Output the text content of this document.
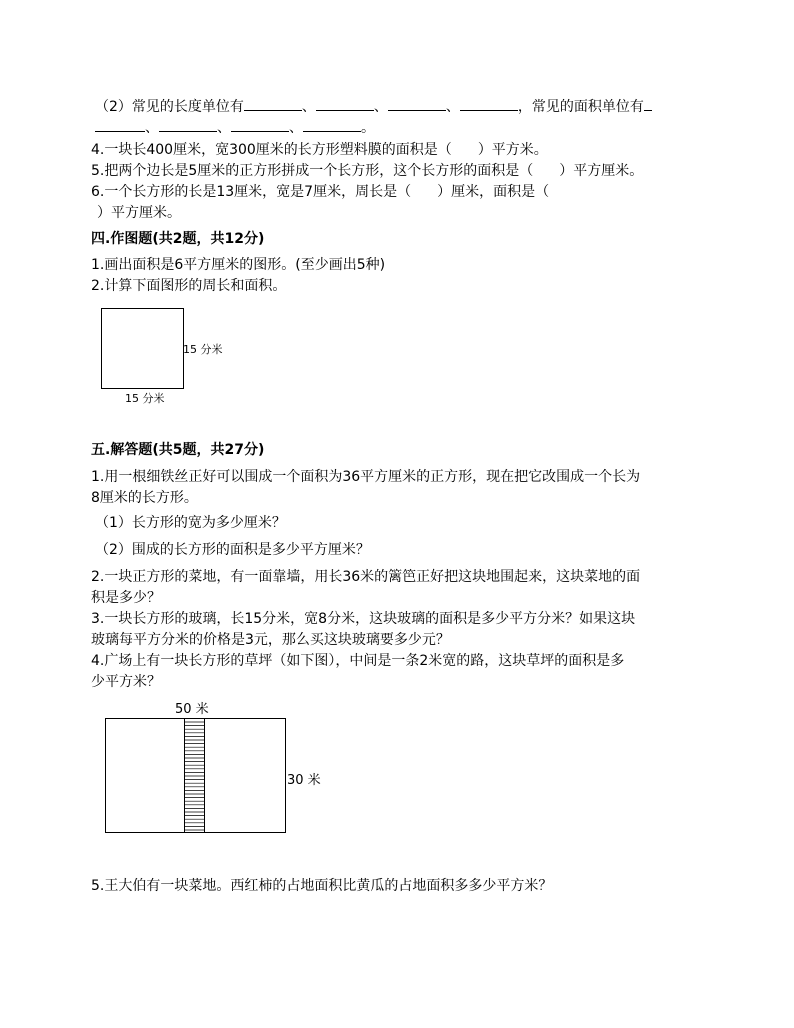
（2）常见的长度单位有	、	、	、	，常见的面积单位有
、	、	、	。
4.一块长400厘米，宽300厘米的长方形塑料膜的面积是（ ）平方米。
5.把两个边长是5厘米的正方形拼成一个长方形，这个长方形的面积是（ ）平方厘米。
6.一个长方形的长是13厘米，宽是7厘米，周长是（ ）厘米，面积是（
）平方厘米。
四.作图题(共2题，共12分)
1.画出面积是6平方厘米的图形。(至少画出5种)
2.计算下面图形的周长和面积。
15 分米
15 分米
五.解答题(共5题，共27分)
1.用一根细铁丝正好可以围成一个面积为36平方厘米的正方形，现在把它改围成一个长为
8厘米的长方形。
（1）长方形的宽为多少厘米？
（2）围成的长方形的面积是多少平方厘米？
2.一块正方形的菜地，有一面靠墙，用长36米的篱笆正好把这块地围起来，这块菜地的面
积是多少？
3.一块长方形的玻璃，长15分米，宽8分米，这块玻璃的面积是多少平方分米？如果这块
玻璃每平方分米的价格是3元，那么买这块玻璃要多少元？
4.广场上有一块长方形的草坪（如下图），中间是一条2米宽的路，这块草坪的面积是多
少平方米？
50 米
30 米
5.王大伯有一块菜地。西红柿的占地面积比黄瓜的占地面积多多少平方米？
